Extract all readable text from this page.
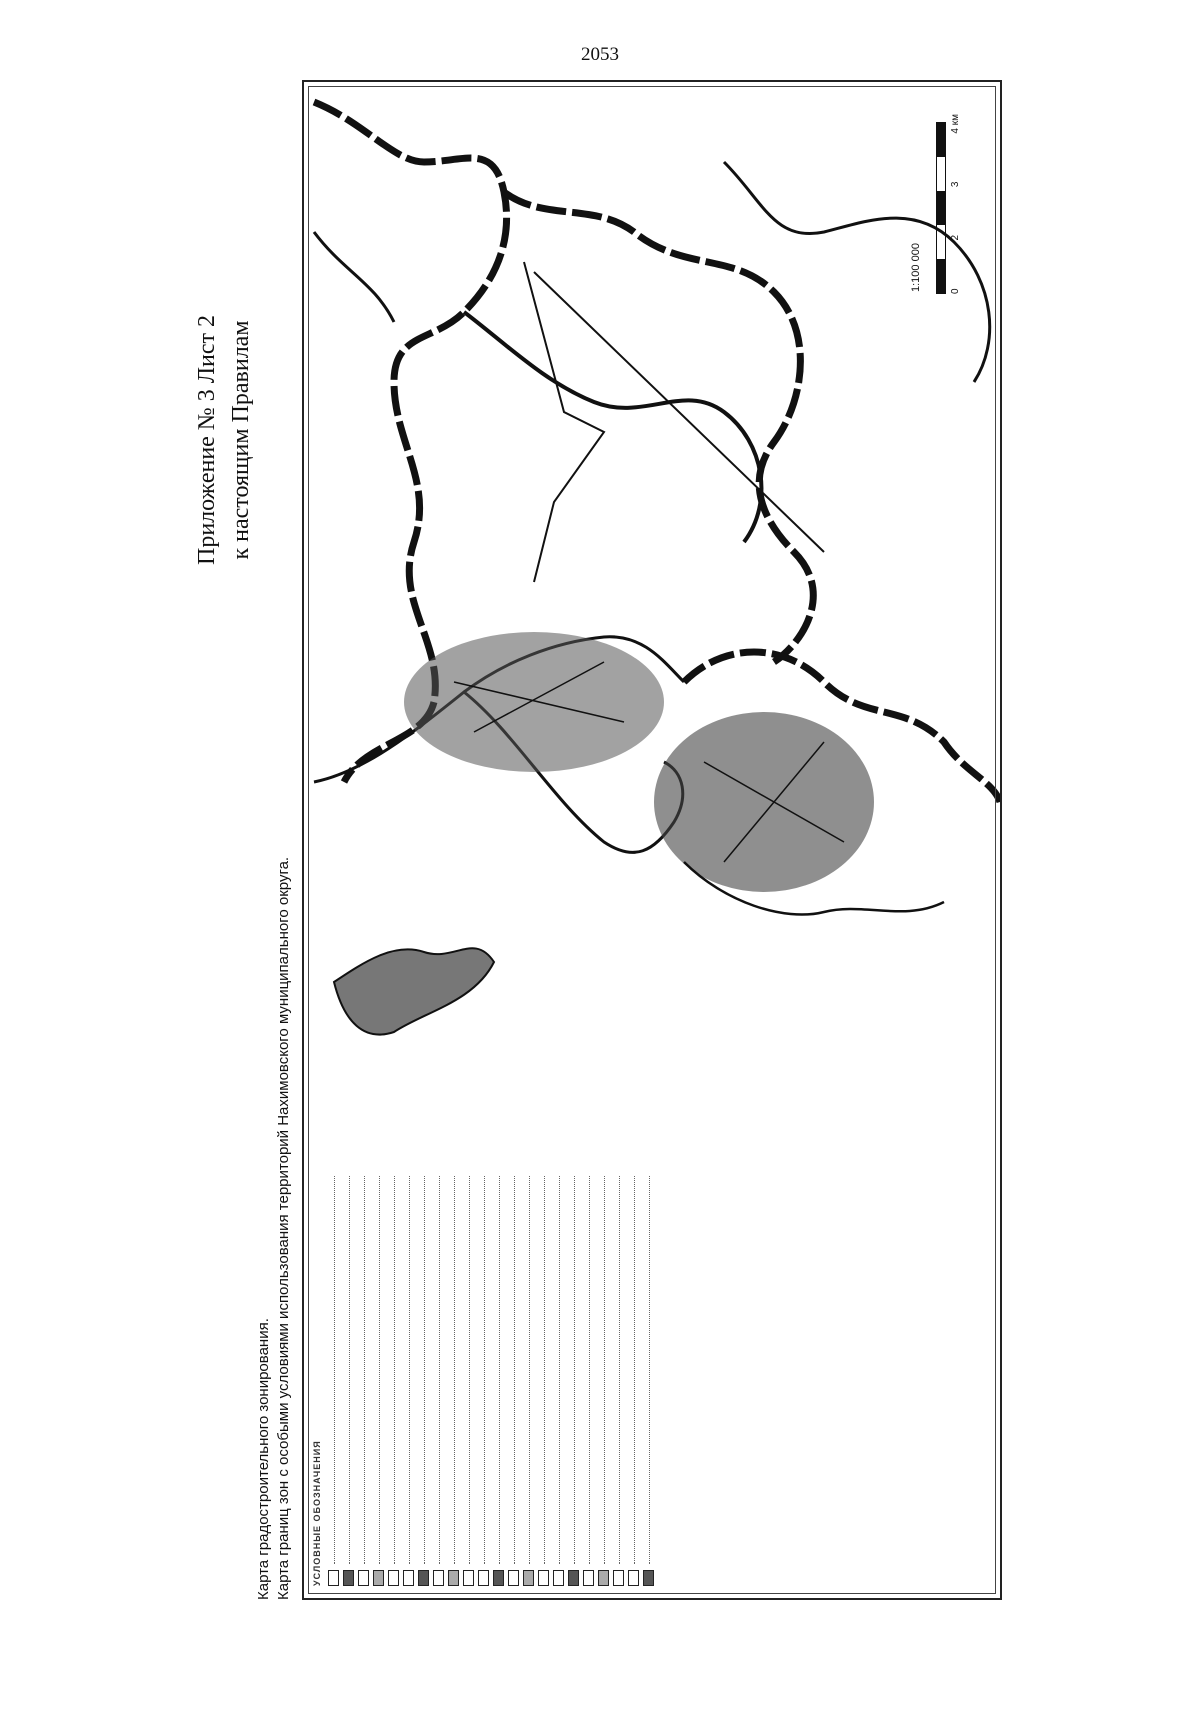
2053
Приложение № 3 Лист 2 к настоящим Правилам
Карта градостроительного зонирования. Карта границ зон с особыми условиями использования территорий Нахимовского муниципального округа.
1:100 000	0
2
3
4 км
УСЛОВНЫЕ ОБОЗНАЧЕНИЯ
